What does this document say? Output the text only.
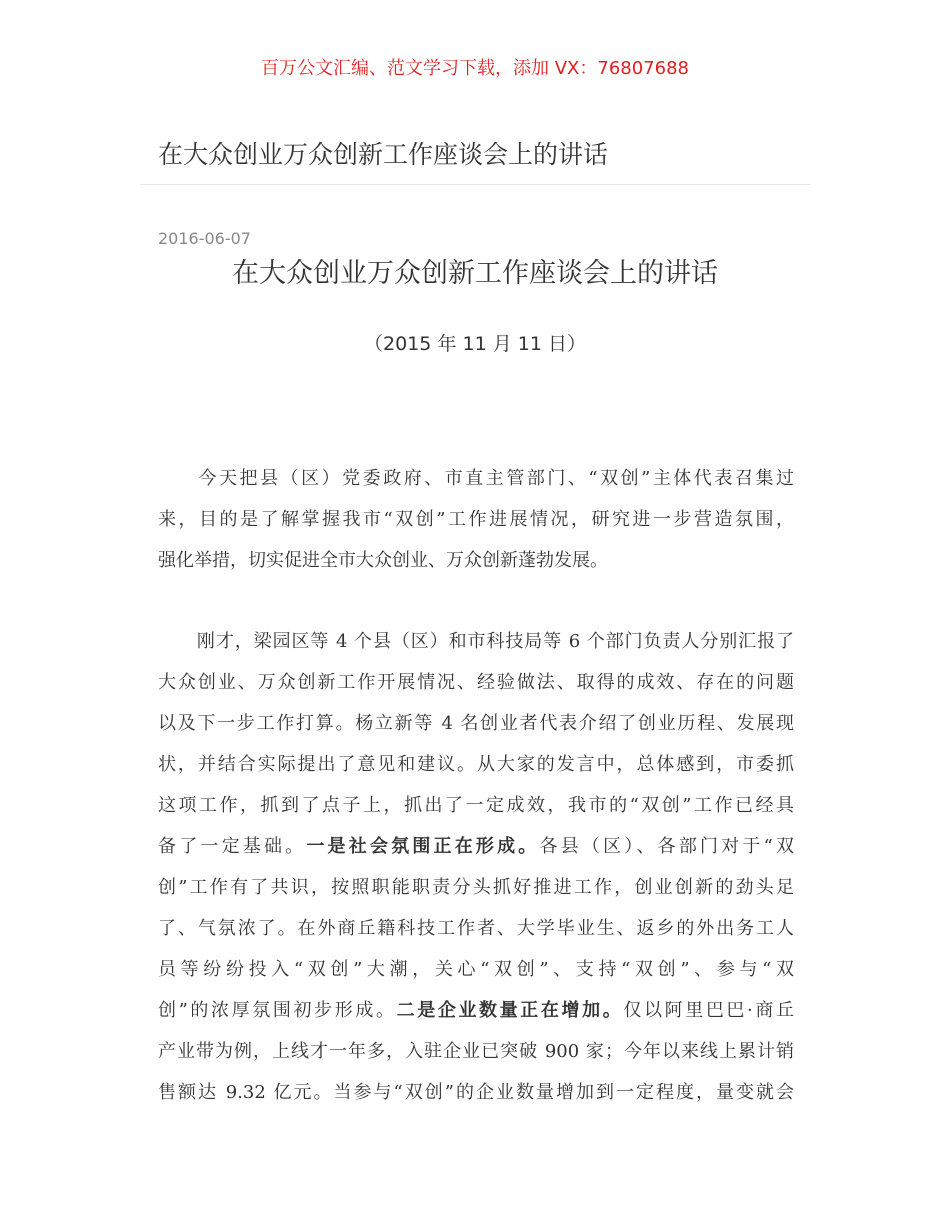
百万公文汇编、范文学习下载，添加 VX：76807688
在大众创业万众创新工作座谈会上的讲话
2016-06-07
在大众创业万众创新工作座谈会上的讲话
（2015 年 11 月 11 日）

今天把县（区）党委政府、市直主管部门、“双创”主体代表召集过
来，目的是了解掌握我市“双创”工作进展情况，研究进一步营造氛围，
强化举措，切实促进全市大众创业、万众创新蓬勃发展。

刚才，梁园区等 4 个县（区）和市科技局等 6 个部门负责人分别汇报了
大众创业、万众创新工作开展情况、经验做法、取得的成效、存在的问题
以及下一步工作打算。杨立新等 4 名创业者代表介绍了创业历程、发展现
状，并结合实际提出了意见和建议。从大家的发言中，总体感到，市委抓
这项工作，抓到了点子上，抓出了一定成效，我市的“双创”工作已经具
备了一定基础。一是社会氛围正在形成。各县（区）、各部门对于“双
创”工作有了共识，按照职能职责分头抓好推进工作，创业创新的劲头足
了、气氛浓了。在外商丘籍科技工作者、大学毕业生、返乡的外出务工人
员等纷纷投入“双创”大潮，关心“双创”、支持“双创”、参与“双
创”的浓厚氛围初步形成。二是企业数量正在增加。仅以阿里巴巴·商丘
产业带为例，上线才一年多，入驻企业已突破 900 家；今年以来线上累计销
售额达 9.32 亿元。当参与“双创”的企业数量增加到一定程度，量变就会
